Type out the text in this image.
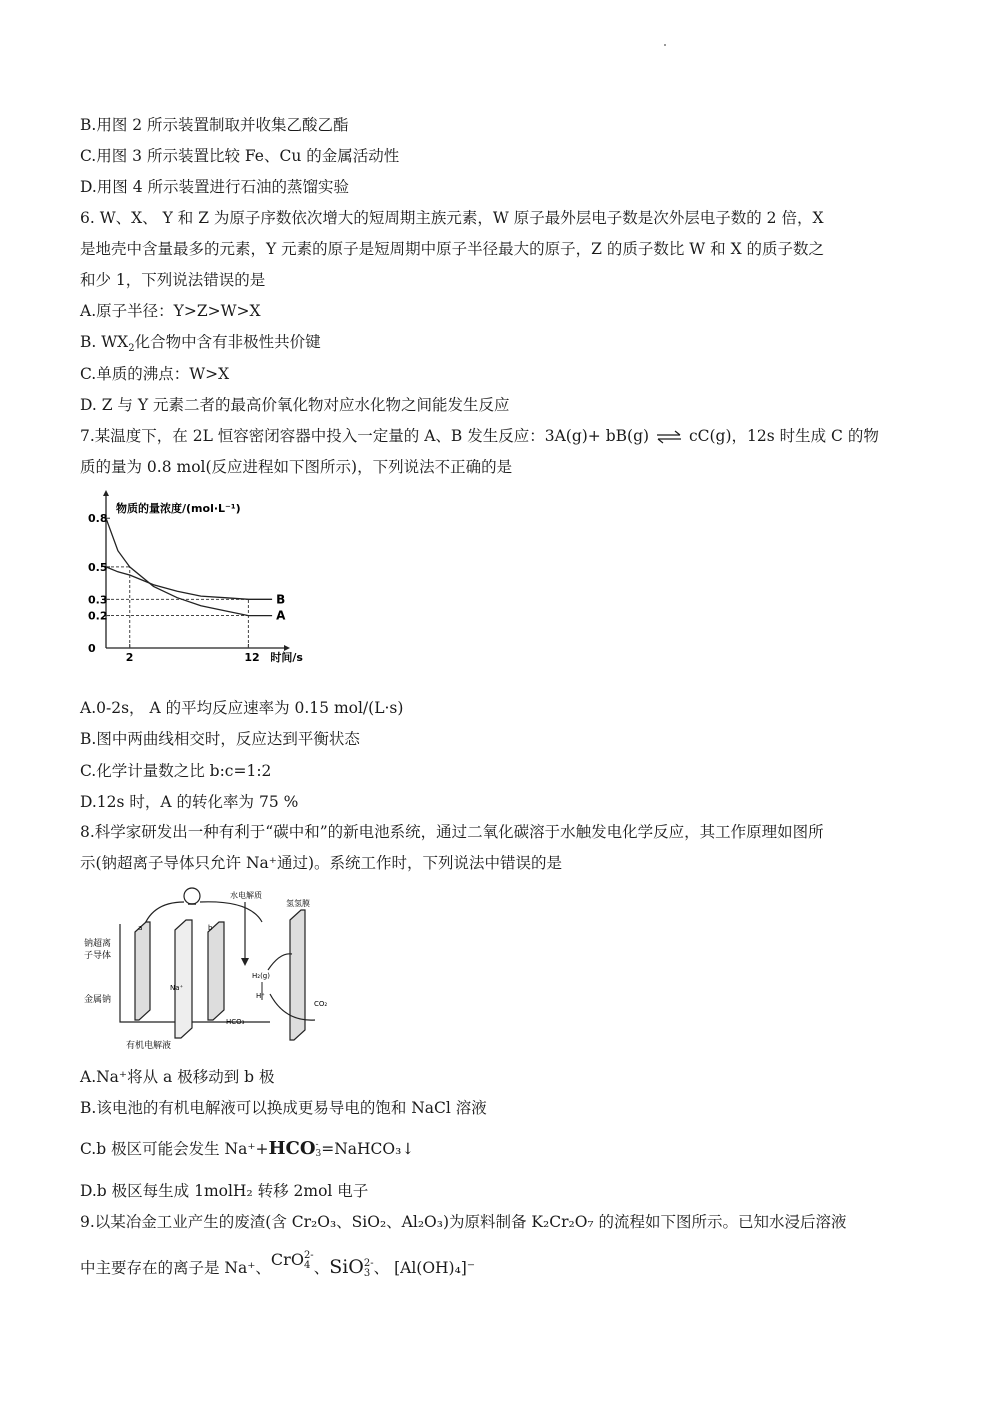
B.用图 2 所示装置制取并收集乙酸乙酯
C.用图 3 所示装置比较 Fe、Cu 的金属活动性
D.用图 4 所示装置进行石油的蒸馏实验
6. W、X、 Y 和 Z 为原子序数依次增大的短周期主族元素，W 原子最外层电子数是次外层电子数的 2 倍，X
是地壳中含量最多的元素，Y 元素的原子是短周期中原子半径最大的原子，Z 的质子数比 W 和 X 的质子数之
和少 1，下列说法错误的是
A.原子半径：Y>Z>W>X
B. $WX_2$化合物中含有非极性共价键
C.单质的沸点：W>X
D. Z 与 Y 元素二者的最高价氧化物对应水化物之间能发生反应
7.某温度下，在 2L 恒容密闭容器中投入一定量的 A、B 发生反应：3A(g)+ bB(g) ⇌ cC(g)，12s 时生成 C 的物
质的量为 0.8 mol(反应进程如下图所示)，下列说法不正确的是
0.8
0.5
0.3
0.2
0
2	12
A
B
物质的量浓度/(mol·L⁻¹)
时间/s
A.0-2s， A 的平均反应速率为 0.15 mol/(L·s)
B.图中两曲线相交时，反应达到平衡状态
C.化学计量数之比 b:c=1:2
D.12s 时，A 的转化率为 75 %
8.科学家研发出一种有利于“碳中和”的新电池系统，通过二氧化碳溶于水触发电化学反应，其工作原理如图所
示(钠超离子导体只允许 Na⁺通过)。系统工作时，下列说法中错误的是
钠超离
子导体
金属钠
有机电解液
水电解质
氢氢膜
H₂(g)
H⁺
HCO₃
CO₂
Na⁺
a	b
A.Na⁺将从 a 极移动到 b 极
B.该电池的有机电解液可以换成更易导电的饱和 NaCl 溶液
C.b 极区可能会发生 Na⁺+HCO-
3=NaHCO₃↓
D.b 极区每生成 1molH₂ 转移 2mol 电子
9.以某冶金工业产生的废渣(含 Cr₂O₃、SiO₂、Al₂O₃)为原料制备 K₂Cr₂O₇ 的流程如下图所示。已知水浸后溶液
中主要存在的离子是 Na⁺、CrO2-
4 、SiO2-
3 、 [Al(OH)₄]⁻
